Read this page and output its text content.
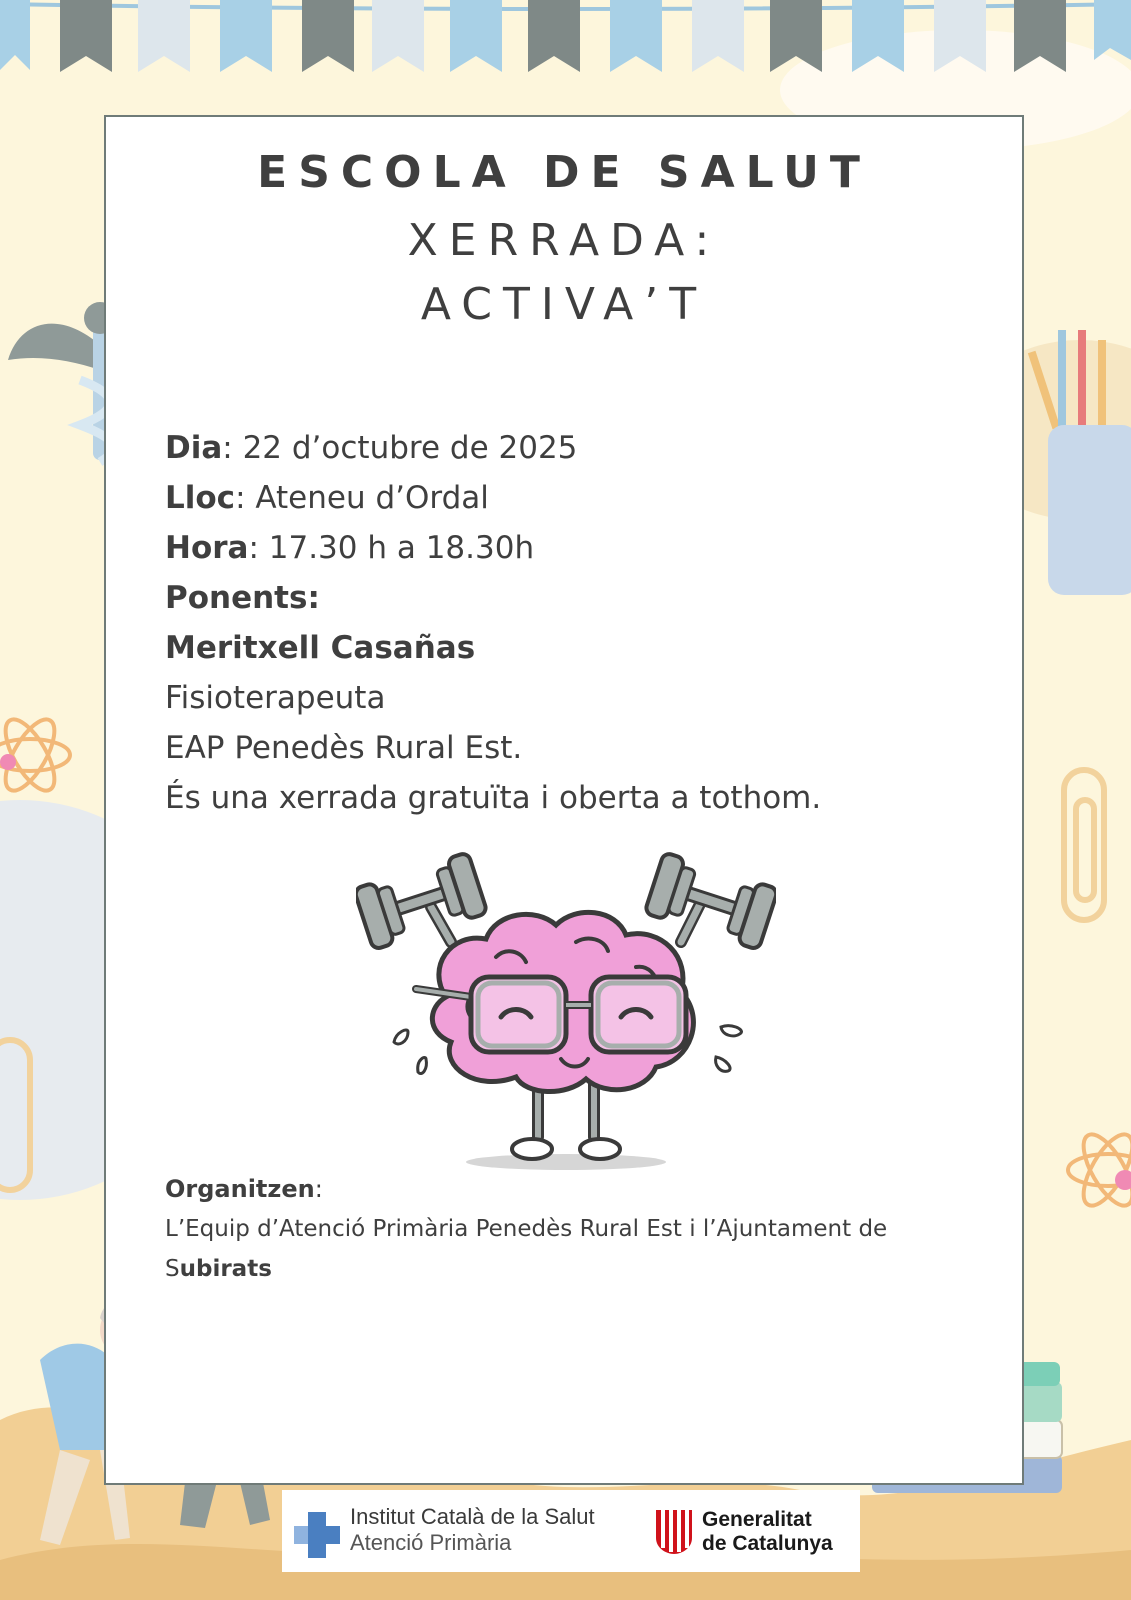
ESCOLA DE SALUT
XERRADA:
ACTIVA’T
Dia: 22 d’octubre de 2025
Lloc: Ateneu d’Ordal
Hora: 17.30 h a 18.30h
Ponents:
Meritxell Casañas
Fisioterapeuta
EAP Penedès Rural Est.
És una xerrada gratuïta i oberta a tothom.
Organitzen:
L’Equip d’Atenció Primària Penedès Rural Est i l’Ajuntament de
Subirats
Institut Català de la Salut
Atenció Primària
Generalitat
de Catalunya
